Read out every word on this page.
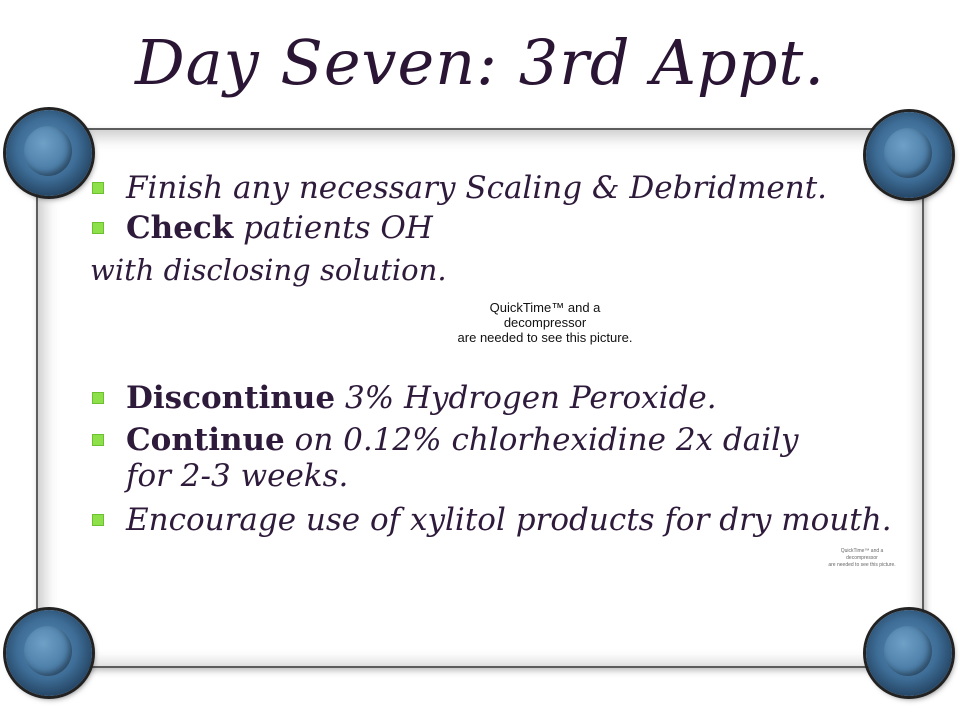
Day Seven: 3rd Appt.
Finish any necessary Scaling & Debridment.
Check patients OH
with disclosing solution.
QuickTime™ and a
decompressor
are needed to see this picture.
Discontinue 3% Hydrogen Peroxide.
Continue on 0.12% chlorhexidine 2x daily for 2-3 weeks.
Encourage use of xylitol products for dry mouth.
QuickTime™ and a
decompressor
are needed to see this picture.
